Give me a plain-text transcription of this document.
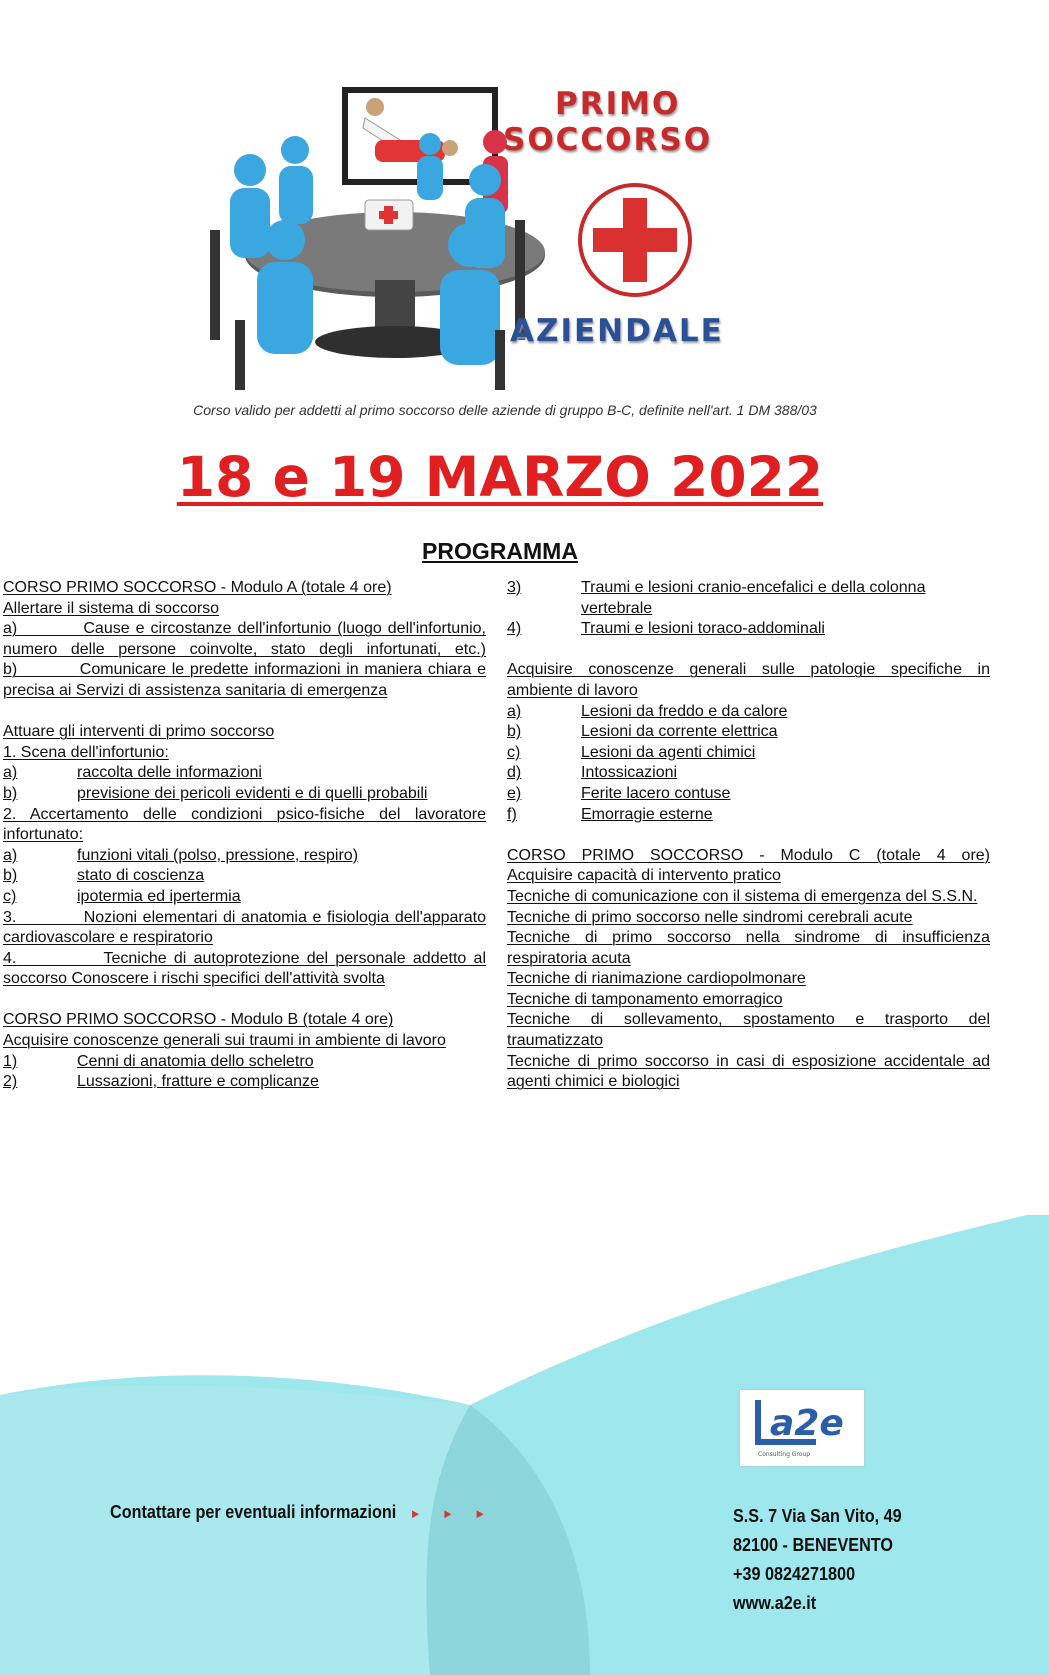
PRIMO
SOCCORSO
AZIENDALE
Corso valido per addetti al primo soccorso delle aziende di gruppo B-C, definite nell'art. 1 DM 388/03
18 e 19 MARZO 2022
PROGRAMMA

CORSO PRIMO SOCCORSO - Modulo A (totale 4 ore)

Allertare il sistema di soccorso

a)	Cause e circostanze dell'infortunio (luogo dell'infortunio, numero delle persone coinvolte, stato degli infortunati, etc.)

b)	Comunicare le predette informazioni in maniera chiara e precisa ai Servizi di assistenza sanitaria di emergenza

Attuare gli interventi di primo soccorso

1. Scena dell'infortunio:

a)	raccolta delle informazioni
b)	previsione dei pericoli evidenti e di quelli probabili

2. Accertamento delle condizioni psico-fisiche del lavoratore infortunato:

a)	funzioni vitali (polso, pressione, respiro)
b)	stato di coscienza
c)	ipotermia ed ipertermia

3.	Nozioni elementari di anatomia e fisiologia dell'apparato cardiovascolare e respiratorio

4.	Tecniche di autoprotezione del personale addetto al soccorso Conoscere i rischi specifici dell'attività svolta

CORSO PRIMO SOCCORSO - Modulo B (totale 4 ore)

Acquisire conoscenze generali sui traumi in ambiente di lavoro

1)	Cenni di anatomia dello scheletro
2)	Lussazioni, fratture e complicanze
3)	Traumi e lesioni cranio-encefalici e della colonna vertebrale
4)	Traumi e lesioni toraco-addominali

Acquisire conoscenze generali sulle patologie specifiche in ambiente di lavoro

a)	Lesioni da freddo e da calore
b)	Lesioni da corrente elettrica
c)	Lesioni da agenti chimici
d)	Intossicazioni
e)	Ferite lacero contuse
f)	Emorragie esterne

CORSO PRIMO SOCCORSO - Modulo C (totale 4 ore)

Acquisire capacità di intervento pratico

Tecniche di comunicazione con il sistema di emergenza del S.S.N.

Tecniche di primo soccorso nelle sindromi cerebrali acute

Tecniche di primo soccorso nella sindrome di insufficienza respiratoria acuta

Tecniche di rianimazione cardiopolmonare

Tecniche di tamponamento emorragico

Tecniche di sollevamento, spostamento e trasporto del traumatizzato

Tecniche di primo soccorso in casi di esposizione accidentale ad agenti chimici e biologici

Contattare per eventuali informazioni ► ► ►
a2e
Consulting Group
S.S. 7 Via San Vito, 49
82100 - BENEVENTO
+39 0824271800
www.a2e.it
